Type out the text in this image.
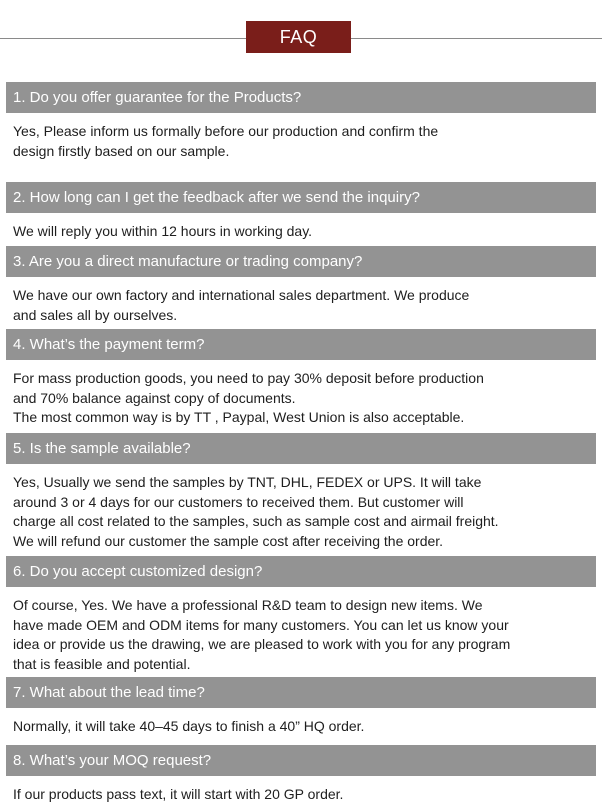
FAQ
1. Do you offer guarantee for the Products?
Yes, Please inform us formally before our production and confirm the
design firstly based on our sample.
2. How long can I get the feedback after we send the inquiry?
We will reply you within 12 hours in working day.
3. Are you a direct manufacture or trading company?
We have our own factory and international sales department. We produce
and sales all by ourselves.
4. What’s the payment term?
For mass production goods, you need to pay 30% deposit before production
and 70% balance against copy of documents.
The most common way is by TT , Paypal, West Union is also acceptable.
5. Is the sample available?
Yes, Usually we send the samples by TNT, DHL, FEDEX or UPS. It will take
around 3 or 4 days for our customers to received them. But customer will
charge all cost related to the samples, such as sample cost and airmail freight.
We will refund our customer the sample cost after receiving the order.
6. Do you accept customized design?
Of course, Yes. We have a professional R&D team to design new items. We
have made OEM and ODM items for many customers. You can let us know your
idea or provide us the drawing, we are pleased to work with you for any program
that is feasible and potential.
7. What about the lead time?
Normally, it will take 40–45 days to finish a 40” HQ order.
8. What’s your MOQ request?
If our products pass text, it will start with 20 GP order.
